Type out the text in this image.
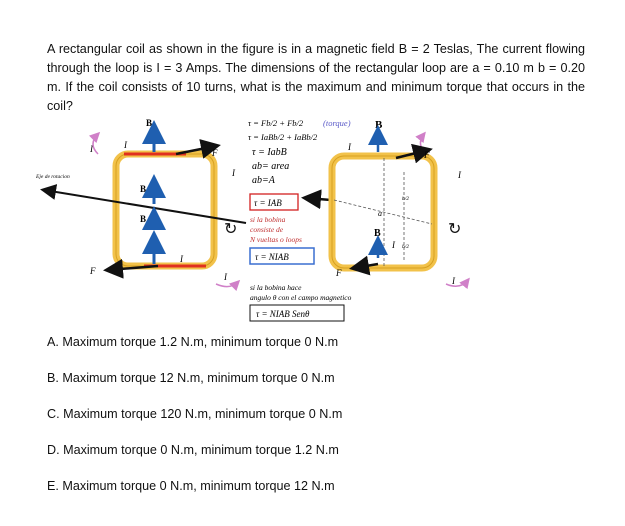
A rectangular coil as shown in the figure is in a magnetic field B = 2 Teslas, The current flowing through the loop is I = 3 Amps. The dimensions of the rectangular loop are a = 0.10 m b = 0.20 m. If the coil consists of 10 turns, what is the maximum and minimum torque that occurs in the coil?

Eje de rotacion
B
B
B
F
F
I
I
I
I
I
↻	↻
τ = Fb/2 + Fb/2 (torque) B
τ = IaBb/2 + IaBb/2
τ = IabB
ab= area
ab=A
τ = IAB
si la bobina
consiste de
N vueltas o loops
τ = NIAB
si la bobina hace
angulo θ con el campo magnetico
τ = NIAB Senθ
a
b/2
b/2
B
F
F
I
I
I
I
A. Maximum torque 1.2 N.m, minimum torque 0 N.m
B. Maximum torque 12 N.m, minimum torque 0 N.m
C. Maximum torque 120 N.m, minimum torque 0 N.m
D. Maximum torque 0 N.m, minimum torque 1.2 N.m
E. Maximum torque 0 N.m, minimum torque 12 N.m
